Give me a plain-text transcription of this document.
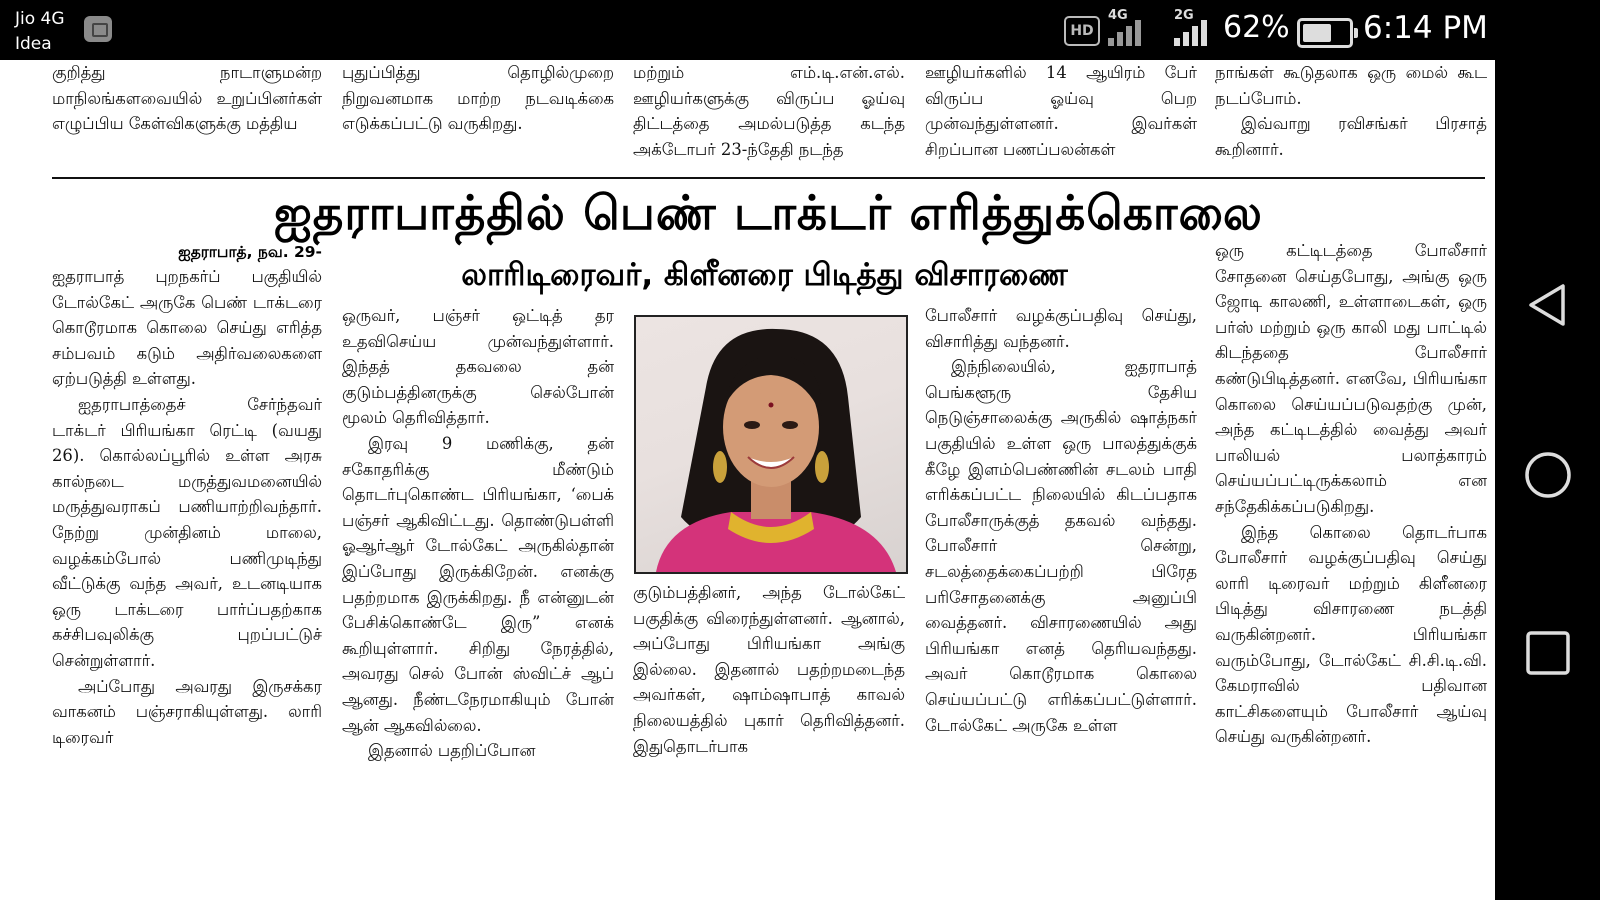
Jio 4G
Idea
HD
4G	2G 62% 6:14 PM

குறித்து நாடாளுமன்ற மாநிலங்களவையில் உறுப்பினர்கள் எழுப்பிய கேள்விகளுக்கு மத்திய

புதுப்பித்து தொழில்முறை நிறுவனமாக மாற்ற நடவடிக்கை எடுக்கப்பட்டு வருகிறது.

மற்றும் எம்.டி.என்.எல். ஊழியர்களுக்கு விருப்ப ஓய்வு திட்டத்தை அமல்படுத்த கடந்த அக்டோபர் 23-ந்தேதி நடந்த

ஊழியர்களில் 14 ஆயிரம் பேர் விருப்ப ஓய்வு பெற முன்வந்துள்ளனர். இவர்கள் சிறப்பான பணப்பலன்கள்

நாங்கள் கூடுதலாக ஒரு மைல் கூட நடப்போம்.

இவ்வாறு ரவிசங்கர் பிரசாத் கூறினார்.

ஐதராபாத்தில் பெண் டாக்டர் எரித்துக்கொலை
லாரிடிரைவர், கிளீனரை பிடித்து விசாரணை
ஐதராபாத், நவ. 29-

ஐதராபாத் புறநகர்ப் பகுதியில் டோல்கேட் அருகே பெண் டாக்டரை கொடூரமாக கொலை செய்து எரித்த சம்பவம் கடும் அதிர்வலைகளை ஏற்படுத்தி உள்ளது.

ஐதராபாத்தைச் சேர்ந்தவர் டாக்டர் பிரியங்கா ரெட்டி (வயது 26). கொல்லப்பூரில் உள்ள அரசு கால்நடை மருத்துவமனையில் மருத்துவராகப் பணியாற்றிவந்தார். நேற்று முன்தினம் மாலை, வழக்கம்போல் பணிமுடிந்து வீட்டுக்கு வந்த அவர், உடனடியாக ஒரு டாக்டரை பார்ப்பதற்காக கச்சிபவுலிக்கு புறப்பட்டுச் சென்றுள்ளார்.

அப்போது அவரது இருசக்கர வாகனம் பஞ்சராகியுள்ளது. லாரி டிரைவர்

ஒருவர், பஞ்சர் ஒட்டித் தர உதவிசெய்ய முன்வந்துள்ளார். இந்தத் தகவலை தன் குடும்பத்தினருக்கு செல்போன் மூலம் தெரிவித்தார்.

இரவு 9 மணிக்கு, தன் சகோதரிக்கு மீண்டும் தொடர்புகொண்ட பிரியங்கா, ‘பைக் பஞ்சர் ஆகிவிட்டது. தொண்டுபள்ளி ஓஆர்ஆர் டோல்கேட் அருகில்தான் இப்போது இருக்கிறேன். எனக்கு பதற்றமாக இருக்கிறது. நீ என்னுடன் பேசிக்கொண்டே இரு” எனக் கூறியுள்ளார். சிறிது நேரத்தில், அவரது செல் போன் ஸ்விட்ச் ஆப் ஆனது. நீண்டநேரமாகியும் போன் ஆன் ஆகவில்லை.

இதனால் பதறிப்போன

குடும்பத்தினர், அந்த டோல்கேட் பகுதிக்கு விரைந்துள்ளனர். ஆனால், அப்போது பிரியங்கா அங்கு இல்லை. இதனால் பதற்றமடைந்த அவர்கள், ஷாம்ஷாபாத் காவல் நிலையத்தில் புகார் தெரிவித்தனர். இதுதொடர்பாக

போலீசார் வழக்குப்பதிவு செய்து, விசாரித்து வந்தனர்.

இந்நிலையில், ஐதராபாத் பெங்களூரு தேசிய நெடுஞ்சாலைக்கு அருகில் ஷாத்நகர் பகுதியில் உள்ள ஒரு பாலத்துக்குக் கீழே இளம்பெண்ணின் சடலம் பாதி எரிக்கப்பட்ட நிலையில் கிடப்பதாக போலீசாருக்குத் தகவல் வந்தது. போலீசார் சென்று, சடலத்தைக்கைப்பற்றி பிரேத பரிசோதனைக்கு அனுப்பி வைத்தனர். விசாரணையில் அது பிரியங்கா எனத் தெரியவந்தது. அவர் கொடூரமாக கொலை செய்யப்பட்டு எரிக்கப்பட்டுள்ளார். டோல்கேட் அருகே உள்ள

ஒரு கட்டிடத்தை போலீசார் சோதனை செய்தபோது, அங்கு ஒரு ஜோடி காலணி, உள்ளாடைகள், ஒரு பர்ஸ் மற்றும் ஒரு காலி மது பாட்டில் கிடந்ததை போலீசார் கண்டுபிடித்தனர். எனவே, பிரியங்கா கொலை செய்யப்படுவதற்கு முன், அந்த கட்டிடத்தில் வைத்து அவர் பாலியல் பலாத்காரம் செய்யப்பட்டிருக்கலாம் என சந்தேகிக்கப்படுகிறது.

இந்த கொலை தொடர்பாக போலீசார் வழக்குப்பதிவு செய்து லாரி டிரைவர் மற்றும் கிளீனரை பிடித்து விசாரணை நடத்தி வருகின்றனர். பிரியங்கா வரும்போது, டோல்கேட் சி.சி.டி.வி. கேமராவில் பதிவான காட்சிகளையும் போலீசார் ஆய்வு செய்து வருகின்றனர்.
